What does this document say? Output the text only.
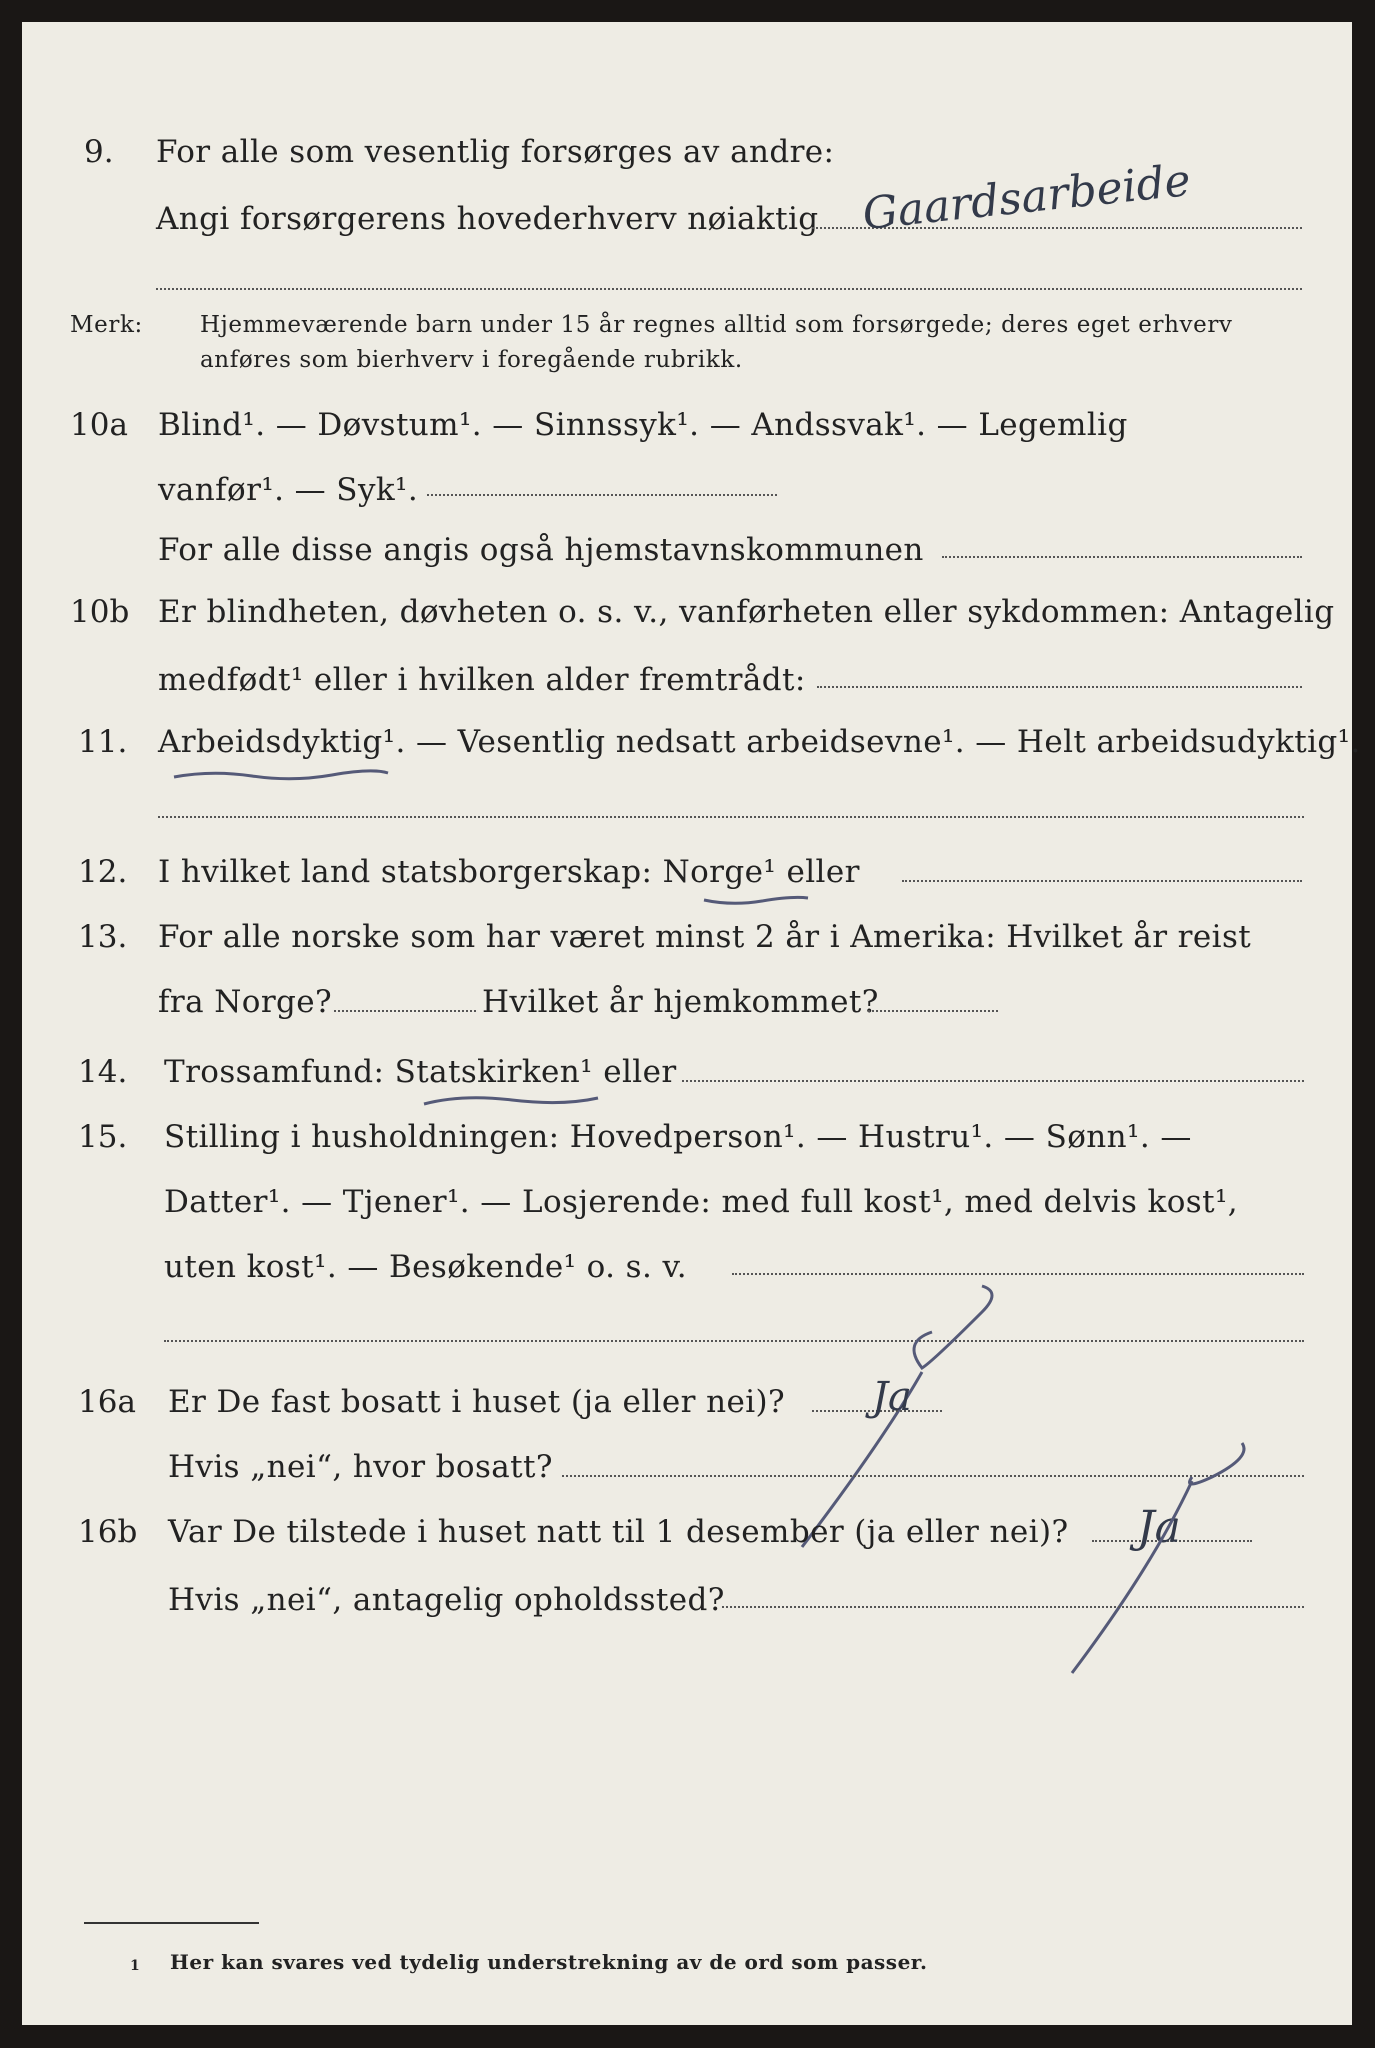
9. For alle som vesentlig forsørges av andre:
Angi forsørgerens hovederhverv nøiaktig Gaardsarbeide
Merk: Hjemmeværende barn under 15 år regnes alltid som forsørgede; deres eget erhverv
anføres som bierhverv i foregående rubrikk.
10a Blind¹. — Døvstum¹. — Sinnssyk¹. — Andssvak¹. — Legemlig
vanfør¹. — Syk¹.
For alle disse angis også hjemstavnskommunen
10b Er blindheten, døvheten o. s. v., vanførheten eller sykdommen: Antagelig
medfødt¹ eller i hvilken alder fremtrådt:
11. Arbeidsdyktig¹. — Vesentlig nedsatt arbeidsevne¹. — Helt arbeidsudyktig¹.
12. I hvilket land statsborgerskap: Norge¹ eller
13. For alle norske som har været minst 2 år i Amerika: Hvilket år reist
fra Norge?	Hvilket år hjemkommet?
14. Trossamfund: Statskirken¹ eller
15. Stilling i husholdningen: Hovedperson¹. — Hustru¹. — Sønn¹. —
Datter¹. — Tjener¹. — Losjerende: med full kost¹, med delvis kost¹,
uten kost¹. — Besøkende¹ o. s. v.
16a Er De fast bosatt i huset (ja eller nei)? Ja
Hvis „nei“, hvor bosatt?
16b Var De tilstede i huset natt til 1 desember (ja eller nei)? Ja
Hvis „nei“, antagelig opholdssted?
1 Her kan svares ved tydelig understrekning av de ord som passer.
